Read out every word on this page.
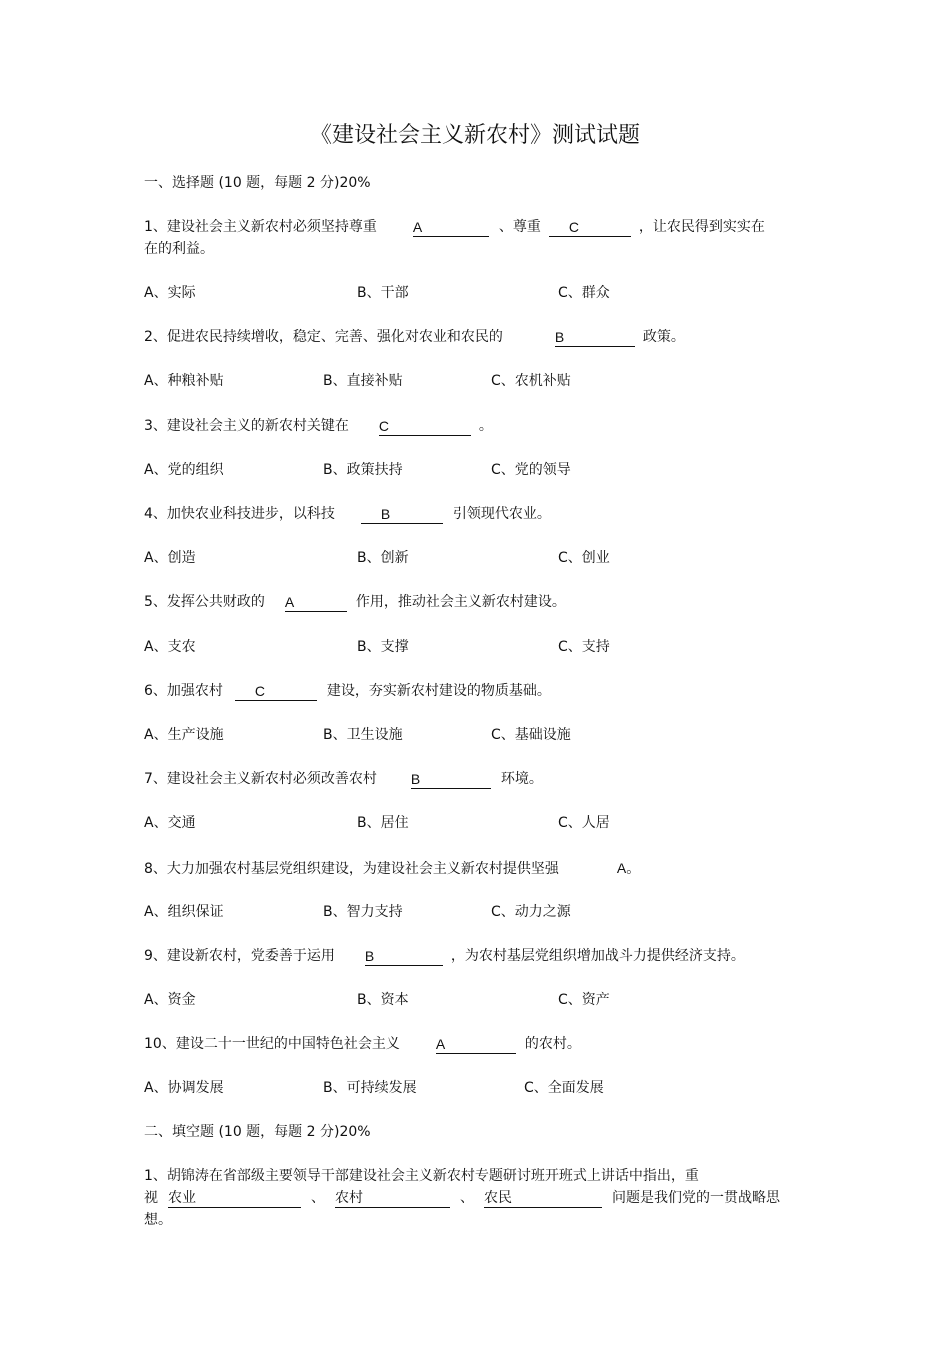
《建设社会主义新农村》测试试题
一、选择题 (10 题，每题 2 分)20%
1、建设社会主义新农村必须坚持尊重	A	、尊重 C	，让农民得到实实在
在的利益。
A、实际	B、干部	C、群众
2、促进农民持续增收，稳定、完善、强化对农业和农民的	B	政策。
A、种粮补贴	B、直接补贴	C、农机补贴
3、建设社会主义的新农村关键在 C	。
A、党的组织	B、政策扶持	C、党的领导
4、加快农业科技进步，以科技	B	引领现代农业。
A、创造	B、创新	C、创业
5、发挥公共财政的 A	作用，推动社会主义新农村建设。
A、支农	B、支撑	C、支持
6、加强农村 C	建设，夯实新农村建设的物质基础。
A、生产设施	B、卫生设施	C、基础设施
7、建设社会主义新农村必须改善农村 B	环境。
A、交通	B、居住	C、人居
8、大力加强农村基层党组织建设，为建设社会主义新农村提供坚强	A。
A、组织保证	B、智力支持	C、动力之源
9、建设新农村，党委善于运用 B	，为农村基层党组织增加战斗力提供经济支持。
A、资金	B、资本	C、资产
10、建设二十一世纪的中国特色社会主义	A	的农村。
A、协调发展	B、可持续发展	C、全面发展
二、填空题 (10 题，每题 2 分)20%
1、胡锦涛在省部级主要领导干部建设社会主义新农村专题研讨班开班式上讲话中指出，重
视 农业	、 农村	、 农民	问题是我们党的一贯战略思
想。
